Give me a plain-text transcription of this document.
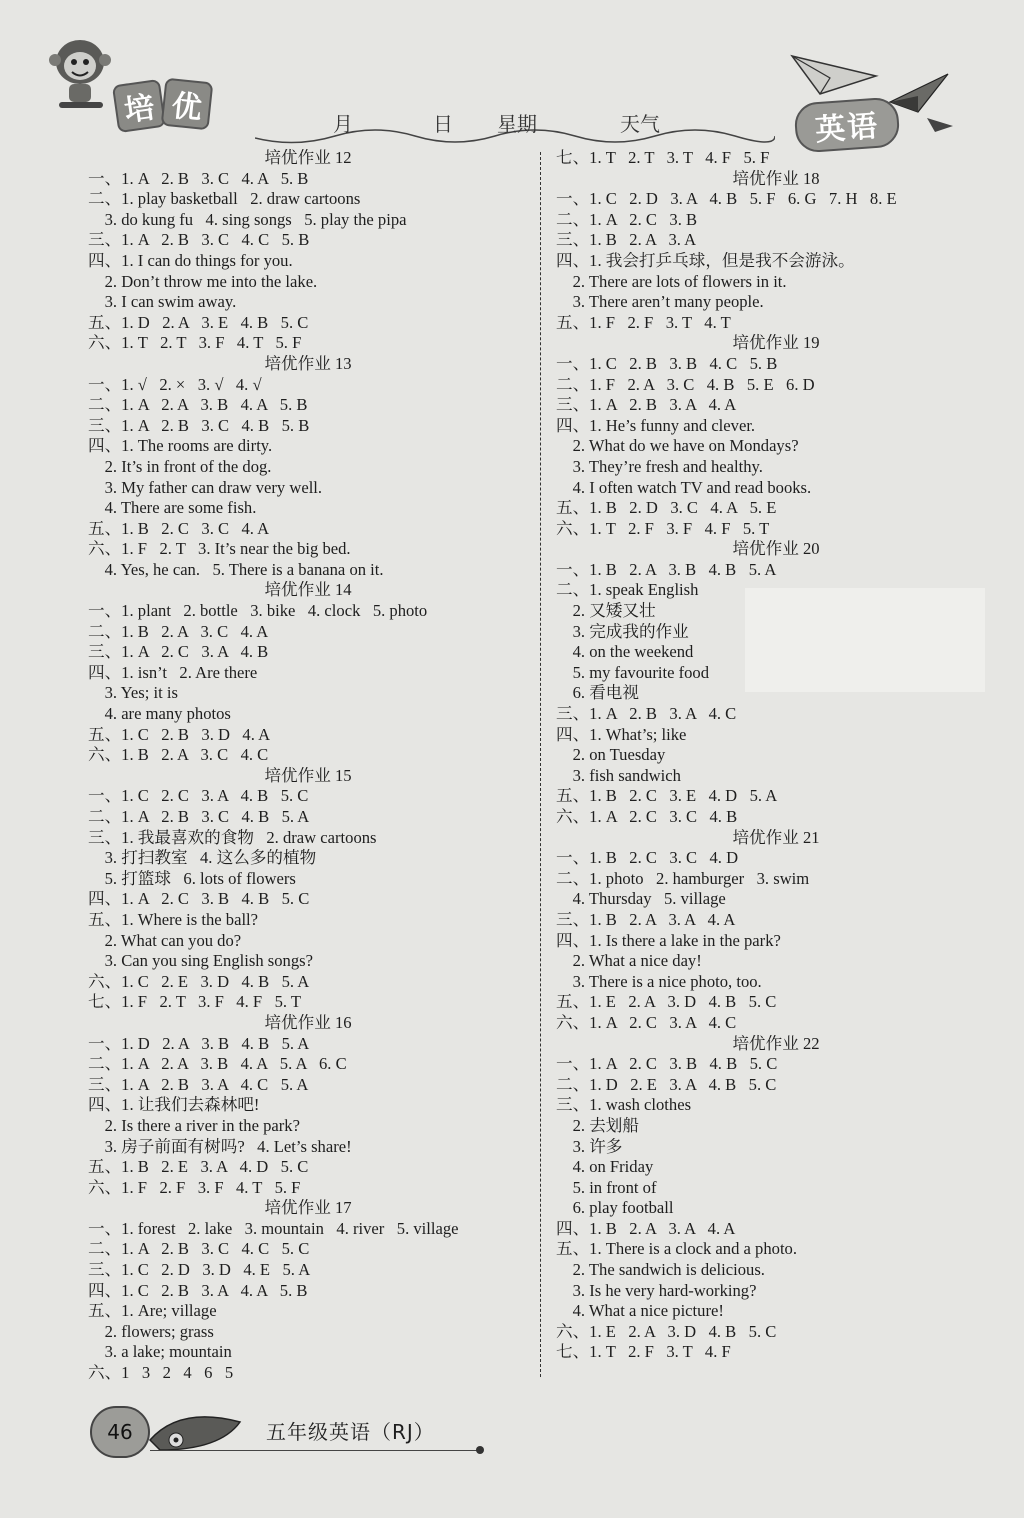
培 优	月	日 星期	天气	英语
培优作业 12
一、1. A   2. B   3. C   4. A   5. B
二、1. play basketball   2. draw cartoons
3. do kung fu   4. sing songs   5. play the pipa
三、1. A   2. B   3. C   4. C   5. B
四、1. I can do things for you.
2. Don’t throw me into the lake.
3. I can swim away.
五、1. D   2. A   3. E   4. B   5. C
六、1. T   2. T   3. F   4. T   5. F
培优作业 13
一、1. √   2. ×   3. √   4. √
二、1. A   2. A   3. B   4. A   5. B
三、1. A   2. B   3. C   4. B   5. B
四、1. The rooms are dirty.
2. It’s in front of the dog.
3. My father can draw very well.
4. There are some fish.
五、1. B   2. C   3. C   4. A
六、1. F   2. T   3. It’s near the big bed.
4. Yes, he can.   5. There is a banana on it.
培优作业 14
一、1. plant   2. bottle   3. bike   4. clock   5. photo
二、1. B   2. A   3. C   4. A
三、1. A   2. C   3. A   4. B
四、1. isn’t   2. Are there
3. Yes; it is
4. are many photos
五、1. C   2. B   3. D   4. A
六、1. B   2. A   3. C   4. C
培优作业 15
一、1. C   2. C   3. A   4. B   5. C
二、1. A   2. B   3. C   4. B   5. A
三、1. 我最喜欢的食物   2. draw cartoons
3. 打扫教室   4. 这么多的植物
5. 打篮球   6. lots of flowers
四、1. A   2. C   3. B   4. B   5. C
五、1. Where is the ball?
2. What can you do?
3. Can you sing English songs?
六、1. C   2. E   3. D   4. B   5. A
七、1. F   2. T   3. F   4. F   5. T
培优作业 16
一、1. D   2. A   3. B   4. B   5. A
二、1. A   2. A   3. B   4. A   5. A   6. C
三、1. A   2. B   3. A   4. C   5. A
四、1. 让我们去森林吧!
2. Is there a river in the park?
3. 房子前面有树吗?   4. Let’s share!
五、1. B   2. E   3. A   4. D   5. C
六、1. F   2. F   3. F   4. T   5. F
培优作业 17
一、1. forest   2. lake   3. mountain   4. river   5. village
二、1. A   2. B   3. C   4. C   5. C
三、1. C   2. D   3. D   4. E   5. A
四、1. C   2. B   3. A   4. A   5. B
五、1. Are; village
2. flowers; grass
3. a lake; mountain
六、1   3   2   4   6   5
七、1. T   2. T   3. T   4. F   5. F
培优作业 18
一、1. C   2. D   3. A   4. B   5. F   6. G   7. H   8. E
二、1. A   2. C   3. B
三、1. B   2. A   3. A
四、1. 我会打乒乓球，但是我不会游泳。
2. There are lots of flowers in it.
3. There aren’t many people.
五、1. F   2. F   3. T   4. T
培优作业 19
一、1. C   2. B   3. B   4. C   5. B
二、1. F   2. A   3. C   4. B   5. E   6. D
三、1. A   2. B   3. A   4. A
四、1. He’s funny and clever.
2. What do we have on Mondays?
3. They’re fresh and healthy.
4. I often watch TV and read books.
五、1. B   2. D   3. C   4. A   5. E
六、1. T   2. F   3. F   4. F   5. T
培优作业 20
一、1. B   2. A   3. B   4. B   5. A
二、1. speak English
2. 又矮又壮
3. 完成我的作业
4. on the weekend
5. my favourite food
6. 看电视
三、1. A   2. B   3. A   4. C
四、1. What’s; like
2. on Tuesday
3. fish sandwich
五、1. B   2. C   3. E   4. D   5. A
六、1. A   2. C   3. C   4. B
培优作业 21
一、1. B   2. C   3. C   4. D
二、1. photo   2. hamburger   3. swim
4. Thursday   5. village
三、1. B   2. A   3. A   4. A
四、1. Is there a lake in the park?
2. What a nice day!
3. There is a nice photo, too.
五、1. E   2. A   3. D   4. B   5. C
六、1. A   2. C   3. A   4. C
培优作业 22
一、1. A   2. C   3. B   4. B   5. C
二、1. D   2. E   3. A   4. B   5. C
三、1. wash clothes
2. 去划船
3. 许多
4. on Friday
5. in front of
6. play football
四、1. B   2. A   3. A   4. A
五、1. There is a clock and a photo.
2. The sandwich is delicious.
3. Is he very hard-working?
4. What a nice picture!
六、1. E   2. A   3. D   4. B   5. C
七、1. T   2. F   3. T   4. F
46	五年级英语（RJ）
